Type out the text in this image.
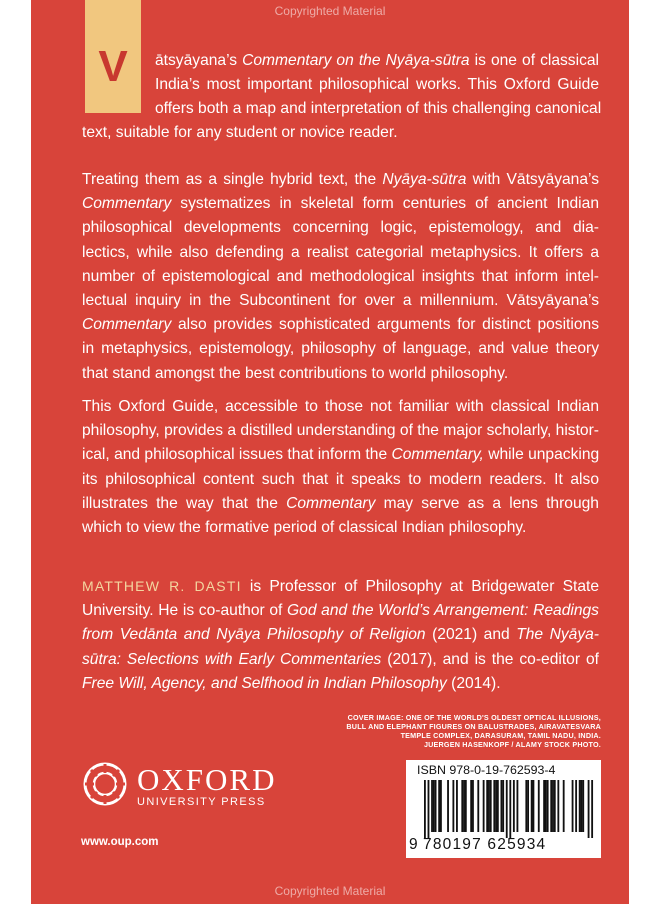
Copyrighted Material
V	ātsyāyana’s Commentary on the Nyāya-sūtra is one of classical
India’s most important philosophical works. This Oxford Guide
offers both a map and interpretation of this challenging canonical
text, suitable for any student or novice reader.
Treating them as a single hybrid text, the Nyāya-sūtra with Vātsyāyana’s
Commentary systematizes in skeletal form centuries of ancient Indian
philosophical developments concerning logic, epistemology, and dia-
lectics, while also defending a realist categorial metaphysics. It offers a
number of epistemological and methodological insights that inform intel-
lectual inquiry in the Subcontinent for over a millennium. Vātsyāyana’s
Commentary also provides sophisticated arguments for distinct positions
in metaphysics, epistemology, philosophy of language, and value theory
that stand amongst the best contributions to world philosophy.
This Oxford Guide, accessible to those not familiar with classical Indian
philosophy, provides a distilled understanding of the major scholarly, histor-
ical, and philosophical issues that inform the Commentary, while unpacking
its philosophical content such that it speaks to modern readers. It also
illustrates the way that the Commentary may serve as a lens through
which to view the formative period of classical Indian philosophy.
MATTHEW R. DASTI is Professor of Philosophy at Bridgewater State
University. He is co-author of God and the World’s Arrangement: Readings
from Vedānta and Nyāya Philosophy of Religion (2021) and The Nyāya-
sūtra: Selections with Early Commentaries (2017), and is the co-editor of
Free Will, Agency, and Selfhood in Indian Philosophy (2014).
COVER IMAGE: ONE OF THE WORLD'S OLDEST OPTICAL ILLUSIONS,
BULL AND ELEPHANT FIGURES ON BALUSTRADES, AIRAVATESVARA
TEMPLE COMPLEX, DARASURAM, TAMIL NADU, INDIA.
JUERGEN HASENKOPF / ALAMY STOCK PHOTO.
OXFORD
UNIVERSITY PRESS
www.oup.com
ISBN 978-0-19-762593-4
9 780197 625934
Copyrighted Material
